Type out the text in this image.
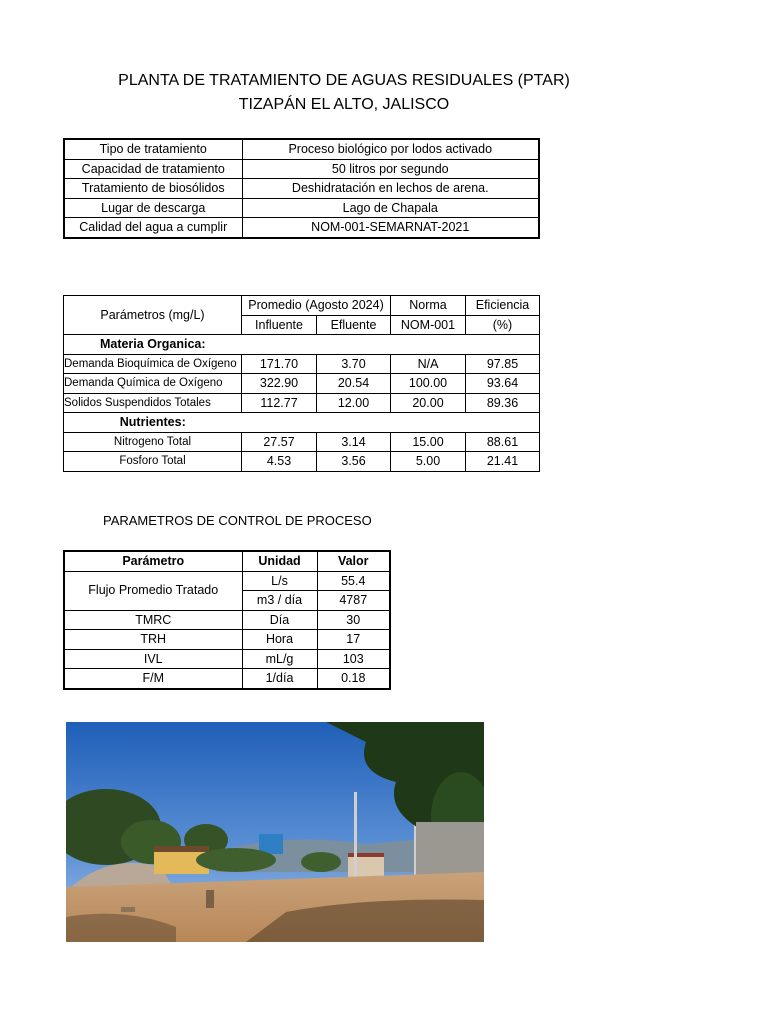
PLANTA DE TRATAMIENTO DE AGUAS RESIDUALES (PTAR)
TIZAPÁN EL ALTO, JALISCO
Tipo de tratamiento	Proceso biológico por lodos activado
Capacidad de tratamiento	50 litros por segundo
Tratamiento de biosólidos	Deshidratación en lechos de arena.
Lugar de descarga	Lago de Chapala
Calidad del agua a cumplir	NOM-001-SEMARNAT-2021
Parámetros (mg/L)	Promedio (Agosto 2024)		Norma	Eficiencia
	Influente	Efluente	NOM-001	(%)
Materia Organica:				
Demanda Bioquímica de Oxígeno	171.70	3.70	N/A	97.85
Demanda Química de Oxígeno	322.90	20.54	100.00	93.64
Solidos Suspendidos Totales	112.77	12.00	20.00	89.36
Nutrientes:				
Nitrogeno Total	27.57	3.14	15.00	88.61
Fosforo Total	4.53	3.56	5.00	21.41
PARAMETROS DE CONTROL DE PROCESO
Parámetro	Unidad	Valor
Flujo Promedio Tratado	L/s	55.4
	m3 / día	4787
TMRC	Día	30
TRH	Hora	17
IVL	mL/g	103
F/M	1/día	0.18
